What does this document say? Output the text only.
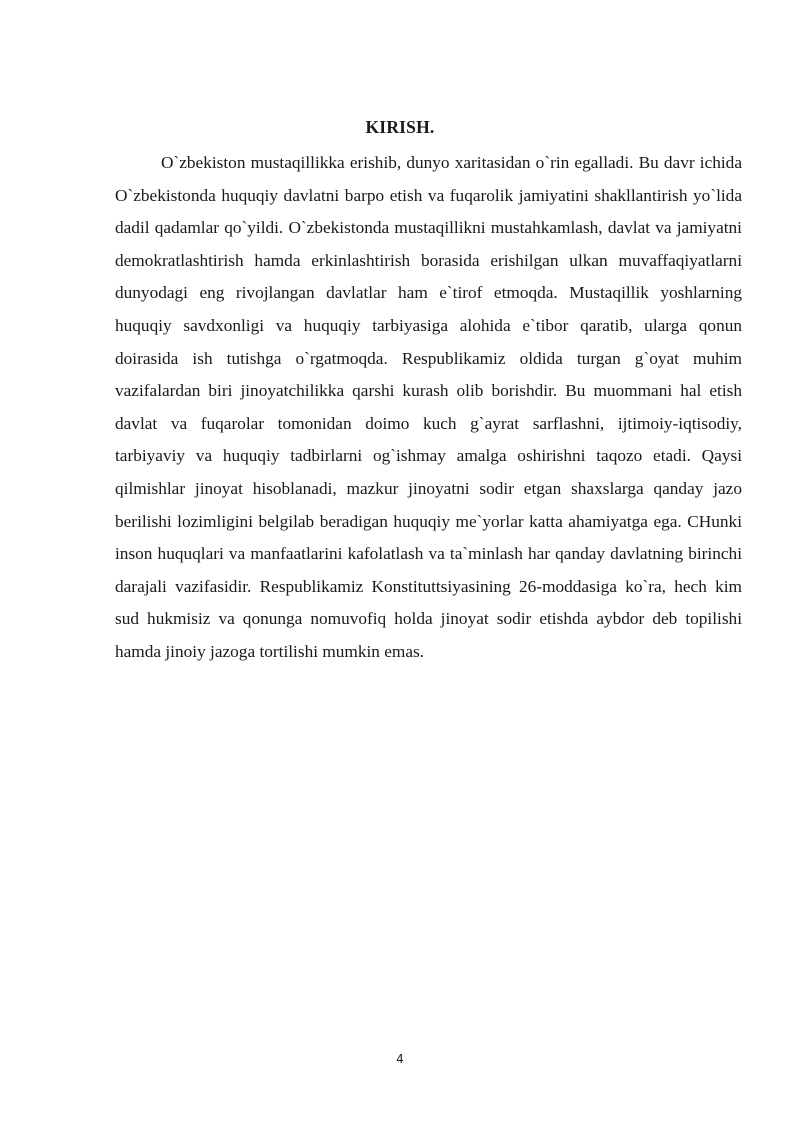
KIRISH.

O`zbekiston mustaqillikka erishib, dunyo xaritasidan o`rin egalladi. Bu davr ichida O`zbekistonda huquqiy davlatni barpo etish va fuqarolik jamiyatini shakllantirish yo`lida dadil qadamlar qo`yildi. O`zbekistonda mustaqillikni mustahkamlash, davlat va jamiyatni demokratlashtirish hamda erkinlashtirish borasida erishilgan ulkan muvaffaqiyatlarni dunyodagi eng rivojlangan davlatlar ham e`tirof etmoqda. Mustaqillik yoshlarning huquqiy savdxonligi va huquqiy tarbiyasiga alohida e`tibor qaratib, ularga qonun doirasida ish tutishga o`rgatmoqda. Respublikamiz oldida turgan g`oyat muhim vazifalardan biri jinoyatchilikka qarshi kurash olib borishdir. Bu muommani hal etish davlat va fuqarolar tomonidan doimo kuch g`ayrat sarflashni, ijtimoiy-iqtisodiy, tarbiyaviy va huquqiy tadbirlarni og`ishmay amalga oshirishni taqozo etadi. Qaysi qilmishlar jinoyat hisoblanadi, mazkur jinoyatni sodir etgan shaxslarga qanday jazo berilishi lozimligini belgilab beradigan huquqiy me`yorlar katta ahamiyatga ega. CHunki inson huquqlari va manfaatlarini kafolatlash va ta`minlash har qanday davlatning birinchi darajali vazifasidir. Respublikamiz Konstituttsiyasining 26-moddasiga ko`ra, hech kim sud hukmisiz va qonunga nomuvofiq holda jinoyat sodir etishda aybdor deb topilishi hamda jinoiy jazoga tortilishi mumkin emas.

4
